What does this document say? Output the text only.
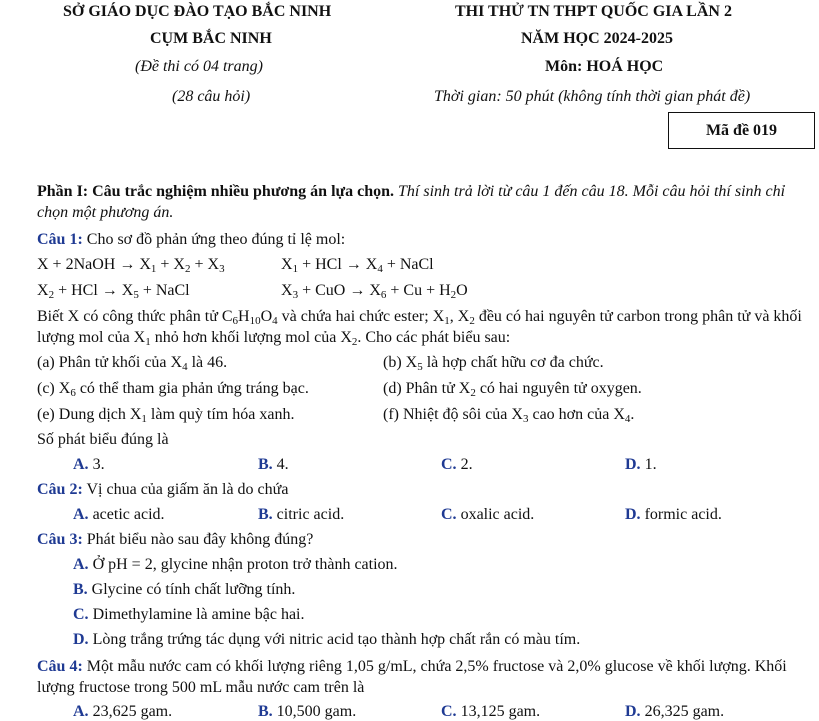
SỞ GIÁO DỤC ĐÀO TẠO BẮC NINH
CỤM BẮC NINH
(Đề thi có 04 trang)
(28 câu hỏi)
THI THỬ TN THPT QUỐC GIA LẦN 2
NĂM HỌC 2024-2025
Môn: HOÁ HỌC
Thời gian: 50 phút (không tính thời gian phát đề)
Mã đề 019
Phần I: Câu trắc nghiệm nhiều phương án lựa chọn. Thí sinh trả lời từ câu 1 đến câu 18. Mỗi câu hỏi thí sinh chỉ chọn một phương án.
Câu 1: Cho sơ đồ phản ứng theo đúng tỉ lệ mol:
X + 2NaOH → $X_1 + X_2 + X_3$	$X_1$ + HCl → $X_4$ + NaCl
$X_2$ + HCl → $X_5$ + NaCl	$X_3$ + CuO → $X_6 + Cu + H_2O$
Biết X có công thức phân tử $C_6H_{10}O_4$ và chứa hai chức ester; $X_1$, $X_2$ đều có hai nguyên tử carbon trong phân tử và khối lượng mol của $X_1$ nhỏ hơn khối lượng mol của $X_2$. Cho các phát biểu sau:
(a) Phân tử khối của $X_4$ là 46.	(b) $X_5$ là hợp chất hữu cơ đa chức.
(c) $X_6$ có thể tham gia phản ứng tráng bạc.	(d) Phân tử $X_2$ có hai nguyên tử oxygen.
(e) Dung dịch $X_1$ làm quỳ tím hóa xanh.	(f) Nhiệt độ sôi của $X_3$ cao hơn của $X_4$.
Số phát biểu đúng là
A. 3.	B. 4.	C. 2.	D. 1.
Câu 2: Vị chua của giấm ăn là do chứa
A. acetic acid.	B. citric acid.	C. oxalic acid.	D. formic acid.
Câu 3: Phát biểu nào sau đây không đúng?
A. Ở pH = 2, glycine nhận proton trở thành cation.
B. Glycine có tính chất lưỡng tính.
C. Dimethylamine là amine bậc hai.
D. Lòng trắng trứng tác dụng với nitric acid tạo thành hợp chất rắn có màu tím.
Câu 4: Một mẫu nước cam có khối lượng riêng 1,05 g/mL, chứa 2,5% fructose và 2,0% glucose về khối lượng. Khối lượng fructose trong 500 mL mẫu nước cam trên là
A. 23,625 gam.	B. 10,500 gam.	C. 13,125 gam.	D. 26,325 gam.
